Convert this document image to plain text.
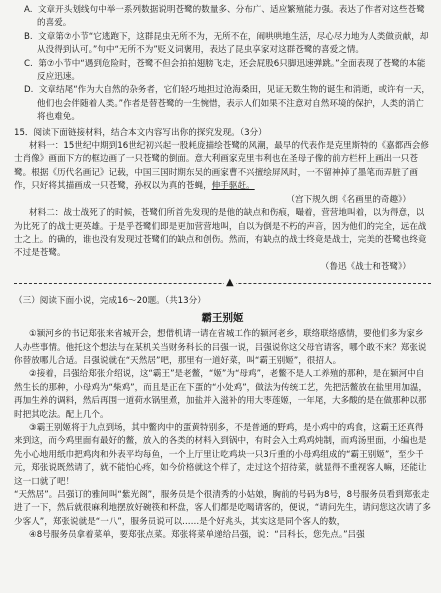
A. 文章开头划线句中举一系列数据说明苍鹭的数量多、分布广、适应繁殖能力强。表达了作者对这些苍鹭的喜爱。

B. 文章第⑦小节“它逃跑下，这群昆虫无所不为，无所不在，闹哄哄地生活，尽心尽力地为人类做贡献，却从没得到认可。”句中“无所不为”贬义词褒用，表达了昆虫享家对这群苍鹭的喜爱之情。

C. 第⑦小节中“遇到危险时，苍鹭不但会拍拍翅膀飞走，还会屁股6只脚迅速弹跳。”全面表现了苍鹭的本能反应迅速。

D. 文章结尾“作为大自然的杂务者，它们轻巧地担过沧海桑田，见证无数生物的诞生和消逝，或许有一天，他们也会伴随着人类。”作者是替苍鹭的一生惋惜，表示人们如果不注意对自然环境的保护，人类的消亡将也难免。

15．阅读下面链接材料，结合本文内容写出你的探究发现。（3分）

材料一：15世纪中期到16世纪初兴起一股耗庞描绘苍鹭的风潮，最早的代表作是克里斯特的《嘉都西会修士肖像》画面下方的框边画了一只苍鹭的倒面。意大利画家克里韦利也在圣母子像的前方栏杆上画出一只苍鹭。根据《历代名画记》记载，中国三国时期东吴的画家曹不兴擅绘屏风时，一不留神掉了墨笔而弄脏了画作，只好将其描画成一只苍鹭，孙权以为真的苍蝇，伸手驱赶。

（宫下规久朗《名画里的奇趣》）

材料二：战士战死了的时候，苍鹭们所首先发现的是他的缺点和伤痕，嘬着，营营地叫着，以为得意，以为比死了的战士更英雄。于是乎苍鹭们即是更加营营地叫，自以为倒是不朽的声音，因为他们的完全，远在战士之上。的确的，谁也没有发现过苍鹭们的缺点和创伤。然而，有缺点的战士终竟是战士，完美的苍鹭也终竟不过是苍鹭。

（鲁迅《战士和苍鹭》）

▲

（三）阅读下面小说，完成16～20题。（共13分）

霸王别姬

①颍河乡的书记郑张来省城开会，想借机请一请在省城工作的颍河老乡，联络联络感情，要他们多为家乡人办些事情。他托这个想法与在某机关当财务科长的吕强一说，吕强说你这父母官请客，哪个敢不来？郑张说你替放哪儿合适。吕强说就在“天然居”吧，那里有一道好菜，叫“霸王别姬”，很招人。

②接着，吕强给郑张介绍说，这“霸王”是老鳖，“姬”为“母鸡”，老鳖不是人工养殖的那种，是在颍河中自然生长的那种，小母鸡为“柴鸡”，而且是正在下蛋的“小处鸡”，做法为传统工艺，先把活鳖放在盐里用加温，再加生养的调料，然后再围一道荷水锅里煮，加盐并入滋补的用大枣莲姬，一年尾，大多酸的是在做那种以那时把其吃法。配上几个。

③霸王别姬将于九点到场，其中鳖肉中的蛋黄特别多，不是普通的野鸡，是小鸡中的鸡食，这霸王还真得来到这，而今鸡里面有最好的鳖，放入的各类的材料入到锅中，有时会入土鸡鸡炖制，而鸡汤里面，小编也是先小心地用纸巾把鸡肉和外表平均每鱼，一个上厅里让吃鸡块一只3斤重的小母鸡组成的“霸王别姬”，至少千元，郑张说既然请了，就不能怕心疼，如今价格就这个样了，走过这个招待菜，就显得不重视客人嘛，还能让这一口就了吧！

“天然居”。吕强订的雅间叫“紫光阁”，服务员是个很清秀的小姑娘，胸前的号码为8号，8号服务员看到郑张走进了一下，然后就很麻利地摆放好碗筷和杯盘，客人们都是吃喝请客的，便说，“请问先生，请问您这次请了多少客人”，郑张说就是“一八”，服务员说可以……是个好兆头，其实这是同个客人的数，

④8号服务员拿着菜单，要郑张点菜。郑张将菜单递给吕强，说：“吕科长，您先点。”吕强
